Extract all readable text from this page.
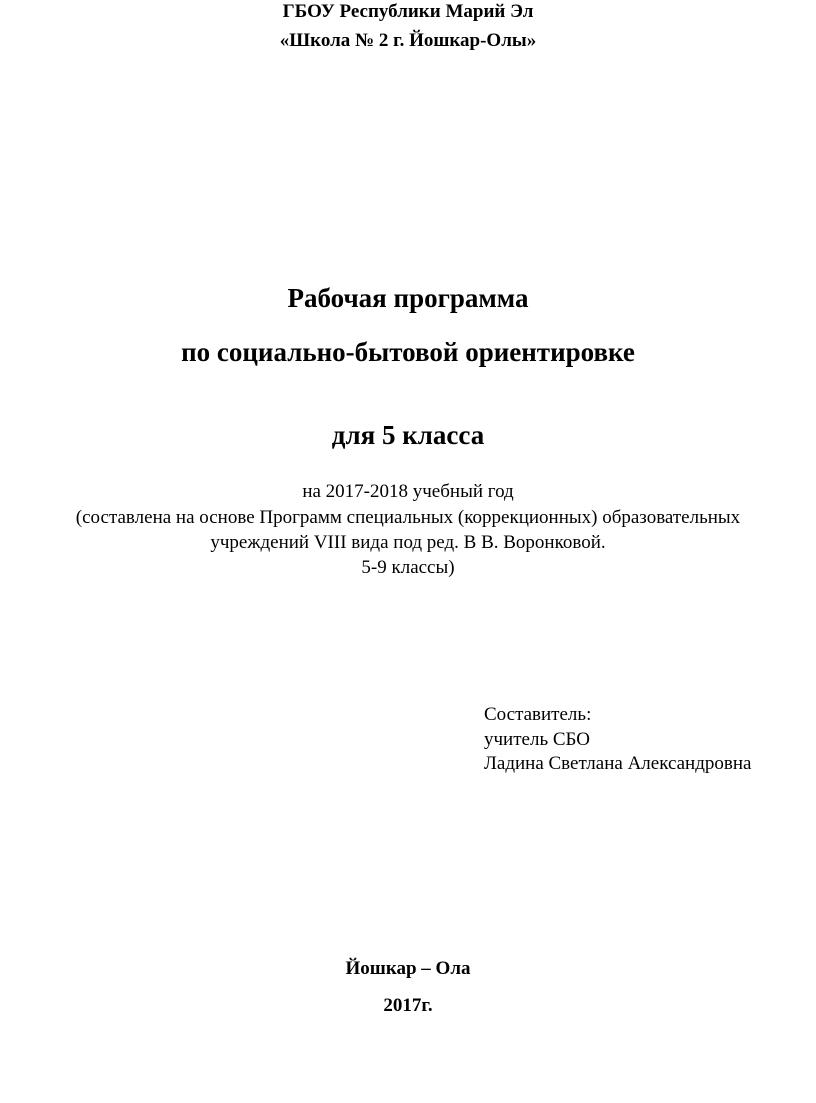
ГБОУ Республики Марий Эл
«Школа № 2 г. Йошкар-Олы»
Рабочая программа
по социально-бытовой ориентировке
для 5 класса
на 2017-2018 учебный год
(составлена на основе Программ специальных (коррекционных) образовательных
учреждений VIII вида под ред. В В. Воронковой.
5-9 классы)
Составитель:
учитель СБО
Ладина Светлана Александровна
Йошкар – Ола
2017г.
